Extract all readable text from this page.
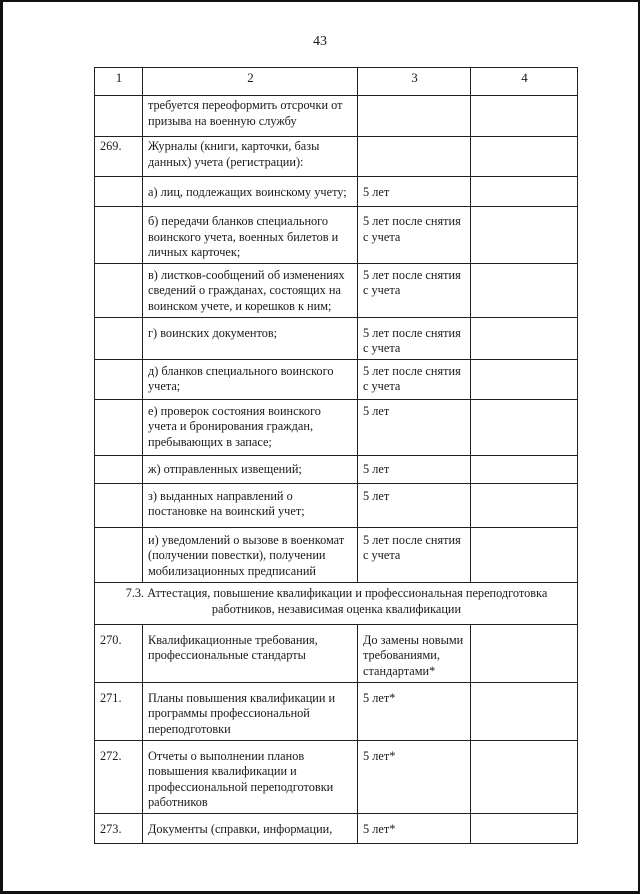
43
1	2	3	4

	требуется переоформить отсрочки от
призыва на военную службу		

269.	Журналы (книги, карточки, базы
данных) учета (регистрации):		

	а) лиц, подлежащих воинскому учету;	5 лет	

	б) передачи бланков специального
воинского учета, военных билетов и
личных карточек;	5 лет после снятия
с учета	

	в) листков-сообщений об изменениях
сведений о гражданах, состоящих на
воинском учете, и корешков к ним;	5 лет после снятия
с учета	

	г) воинских документов;	5 лет после снятия
с учета	

	д) бланков специального воинского
учета;	5 лет после снятия
с учета	

	е) проверок состояния воинского
учета и бронирования граждан,
пребывающих в запасе;	5 лет	

	ж) отправленных извещений;	5 лет	

	з) выданных направлений о
постановке на воинский учет;	5 лет	

	и) уведомлений о вызове в военкомат
(получении повестки), получении
мобилизационных предписаний	5 лет после снятия
с учета	

7.3. Аттестация, повышение квалификации и профессиональная переподготовка
работников, независимая оценка квалификации			

270.	Квалификационные требования,
профессиональные стандарты	До замены новыми
требованиями,
стандартами*	

271.	Планы повышения квалификации и
программы профессиональной
переподготовки	5 лет*	

272.	Отчеты о выполнении планов
повышения квалификации и
профессиональной переподготовки
работников	5 лет*	

273.	Документы (справки, информации,	5 лет*	
